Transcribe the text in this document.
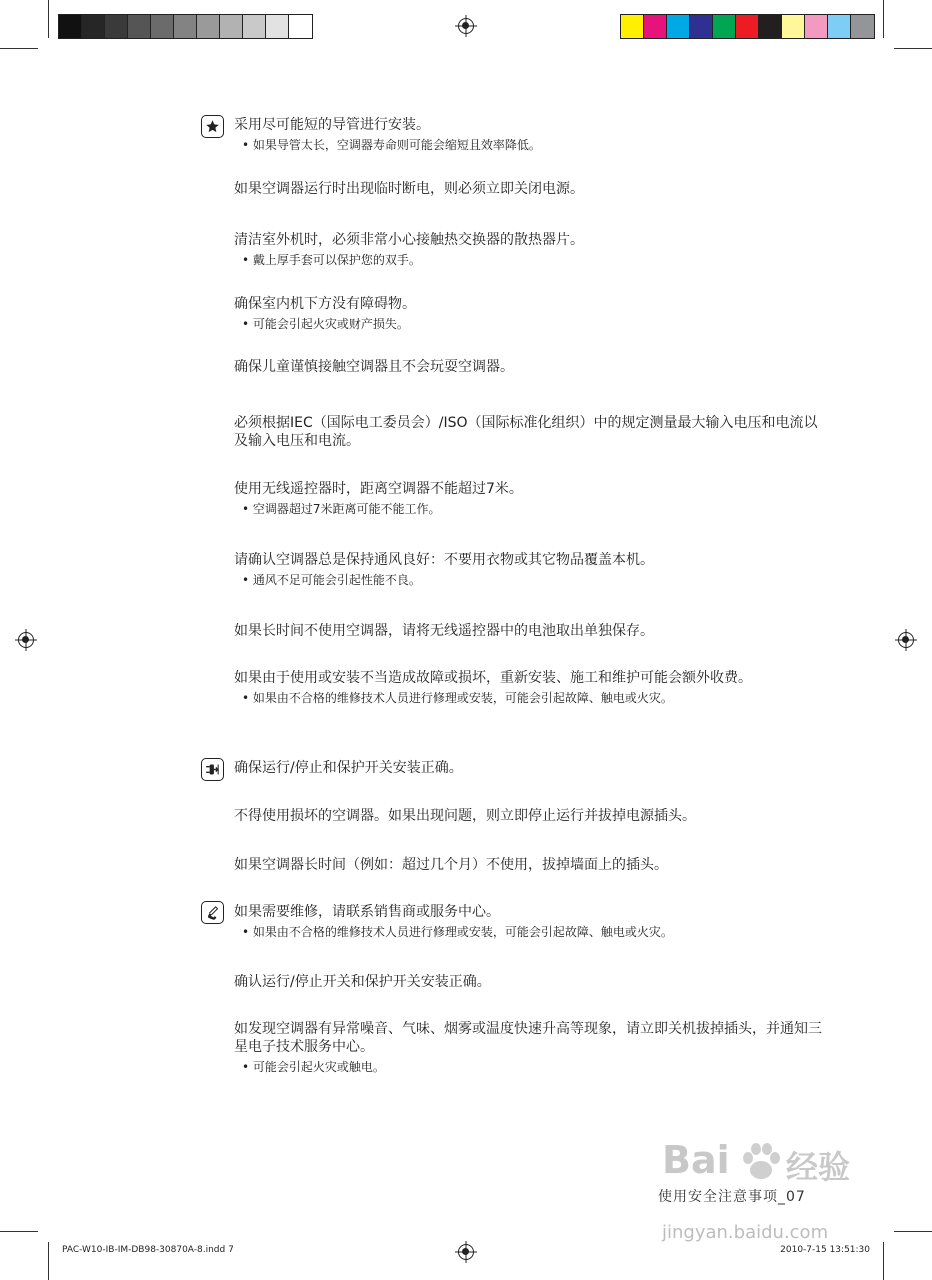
采用尽可能短的导管进行安装。
• 如果导管太长，空调器寿命则可能会缩短且效率降低。
如果空调器运行时出现临时断电，则必须立即关闭电源。
清洁室外机时，必须非常小心接触热交换器的散热器片。
• 戴上厚手套可以保护您的双手。
确保室内机下方没有障碍物。
• 可能会引起火灾或财产损失。
确保儿童谨慎接触空调器且不会玩耍空调器。
必须根据IEC（国际电工委员会）/ISO（国际标准化组织）中的规定测量最大输入电压和电流以及输入电压和电流。
使用无线遥控器时，距离空调器不能超过7米。
• 空调器超过7米距离可能不能工作。
请确认空调器总是保持通风良好：不要用衣物或其它物品覆盖本机。
• 通风不足可能会引起性能不良。
如果长时间不使用空调器，请将无线遥控器中的电池取出单独保存。
如果由于使用或安装不当造成故障或损坏，重新安装、施工和维护可能会额外收费。
• 如果由不合格的维修技术人员进行修理或安装，可能会引起故障、触电或火灾。
确保运行/停止和保护开关安装正确。
不得使用损坏的空调器。如果出现问题，则立即停止运行并拔掉电源插头。
如果空调器长时间（例如：超过几个月）不使用，拔掉墙面上的插头。
如果需要维修，请联系销售商或服务中心。
• 如果由不合格的维修技术人员进行修理或安装，可能会引起故障、触电或火灾。
确认运行/停止开关和保护开关安装正确。
如发现空调器有异常噪音、气味、烟雾或温度快速升高等现象，请立即关机拔掉插头，并通知三星电子技术服务中心。
• 可能会引起火灾或触电。
Bai 经验
jingyan.baidu.com
使用安全注意事项_07
PAC-W10-IB-IM-DB98-30870A-8.indd 7	2010-7-15 13:51:30
